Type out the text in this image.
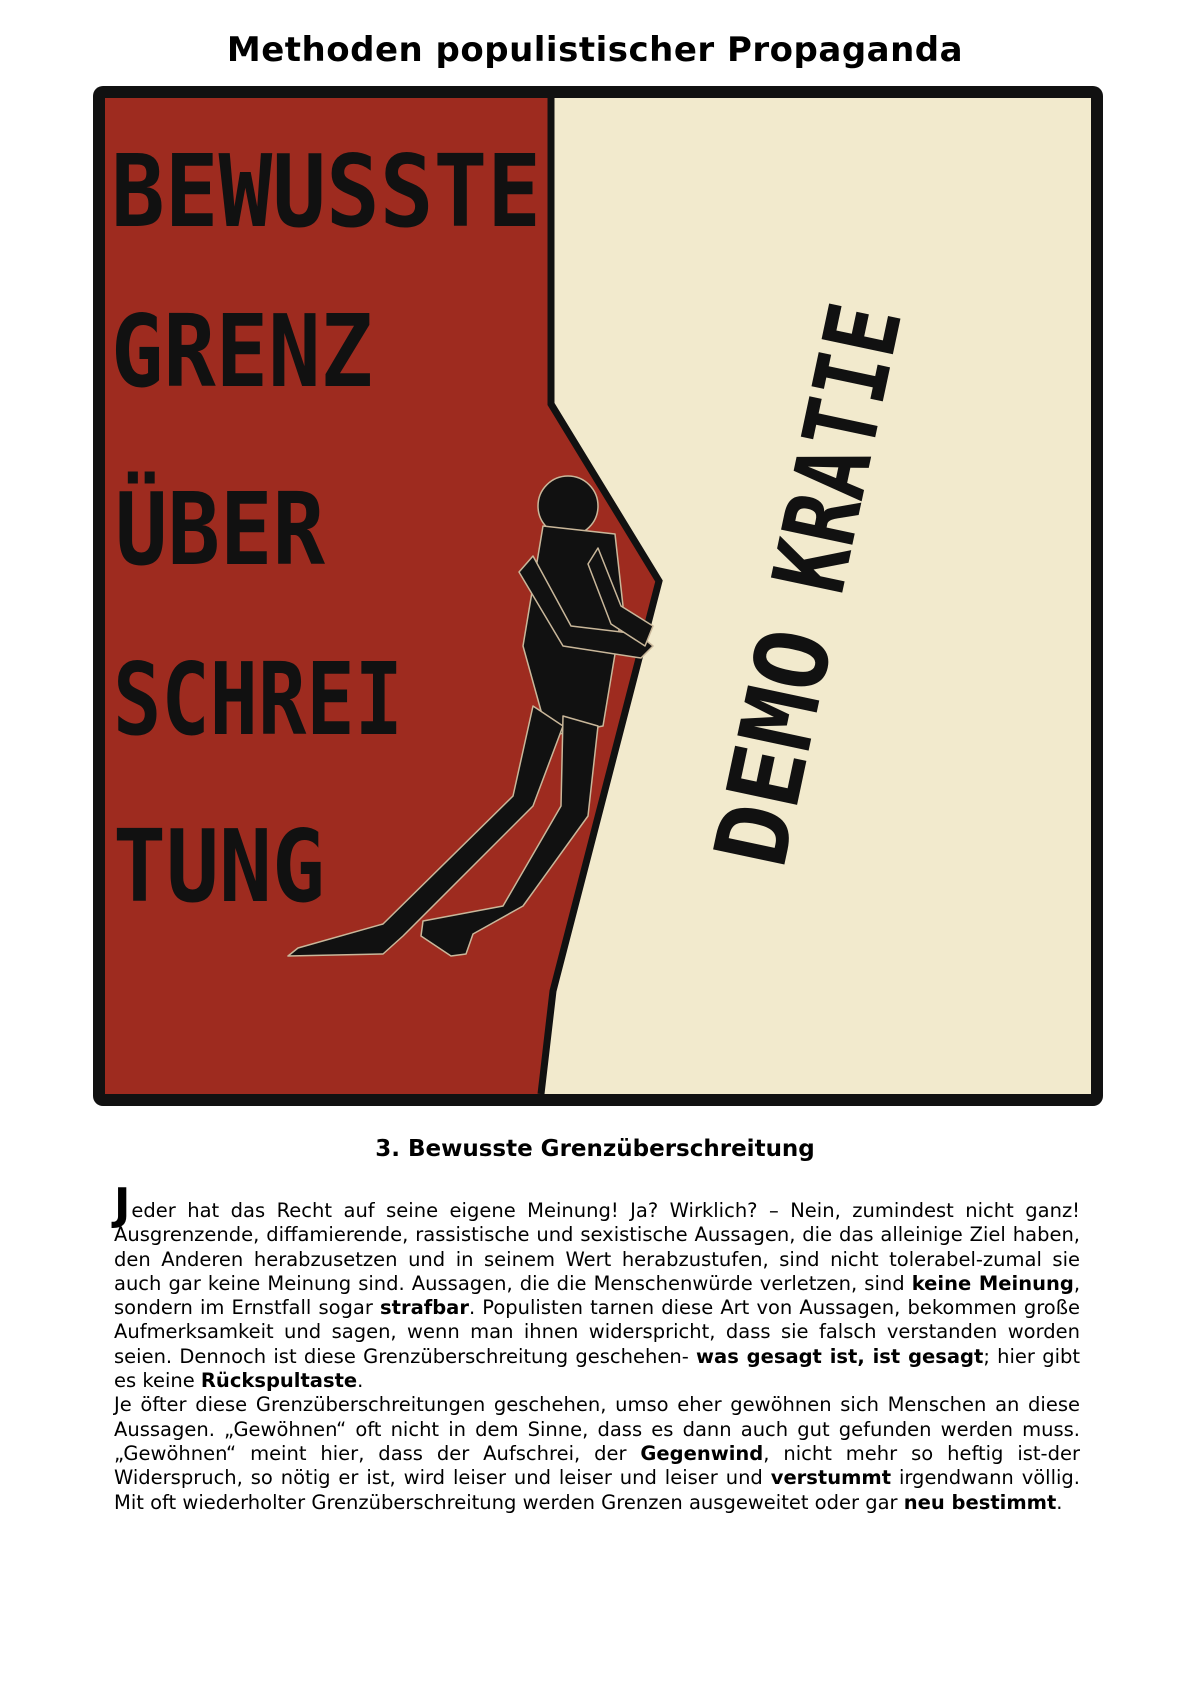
Methoden populistischer Propaganda
BEWUSSTE
GRENZ
ÜBER
SCHREI
TUNG	DEMO
KRATIE
3. Bewusste Grenzüberschreitung

Jeder hat das Recht auf seine eigene Meinung! Ja? Wirklich? – Nein, zumindest nicht ganz! Ausgrenzende, diffamierende, rassistische und sexistische Aussagen, die das alleinige Ziel haben, den Anderen herabzusetzen und in seinem Wert herabzustufen, sind nicht tolerabel-zumal sie auch gar keine Meinung sind. Aussagen, die die Menschenwürde verletzen, sind keine Meinung, sondern im Ernstfall sogar strafbar. Populisten tarnen diese Art von Aussagen, bekommen große Aufmerksamkeit und sagen, wenn man ihnen widerspricht, dass sie falsch verstanden worden seien. Dennoch ist diese Grenzüberschreitung geschehen- was gesagt ist, ist gesagt; hier gibt es keine Rückspultaste.

Je öfter diese Grenzüberschreitungen geschehen, umso eher gewöhnen sich Menschen an diese Aussagen. „Gewöhnen“ oft nicht in dem Sinne, dass es dann auch gut gefunden werden muss. „Gewöhnen“ meint hier, dass der Aufschrei, der Gegenwind, nicht mehr so heftig ist-der Widerspruch, so nötig er ist, wird leiser und leiser und leiser und verstummt irgendwann völlig. Mit oft wiederholter Grenzüberschreitung werden Grenzen ausgeweitet oder gar neu bestimmt.
